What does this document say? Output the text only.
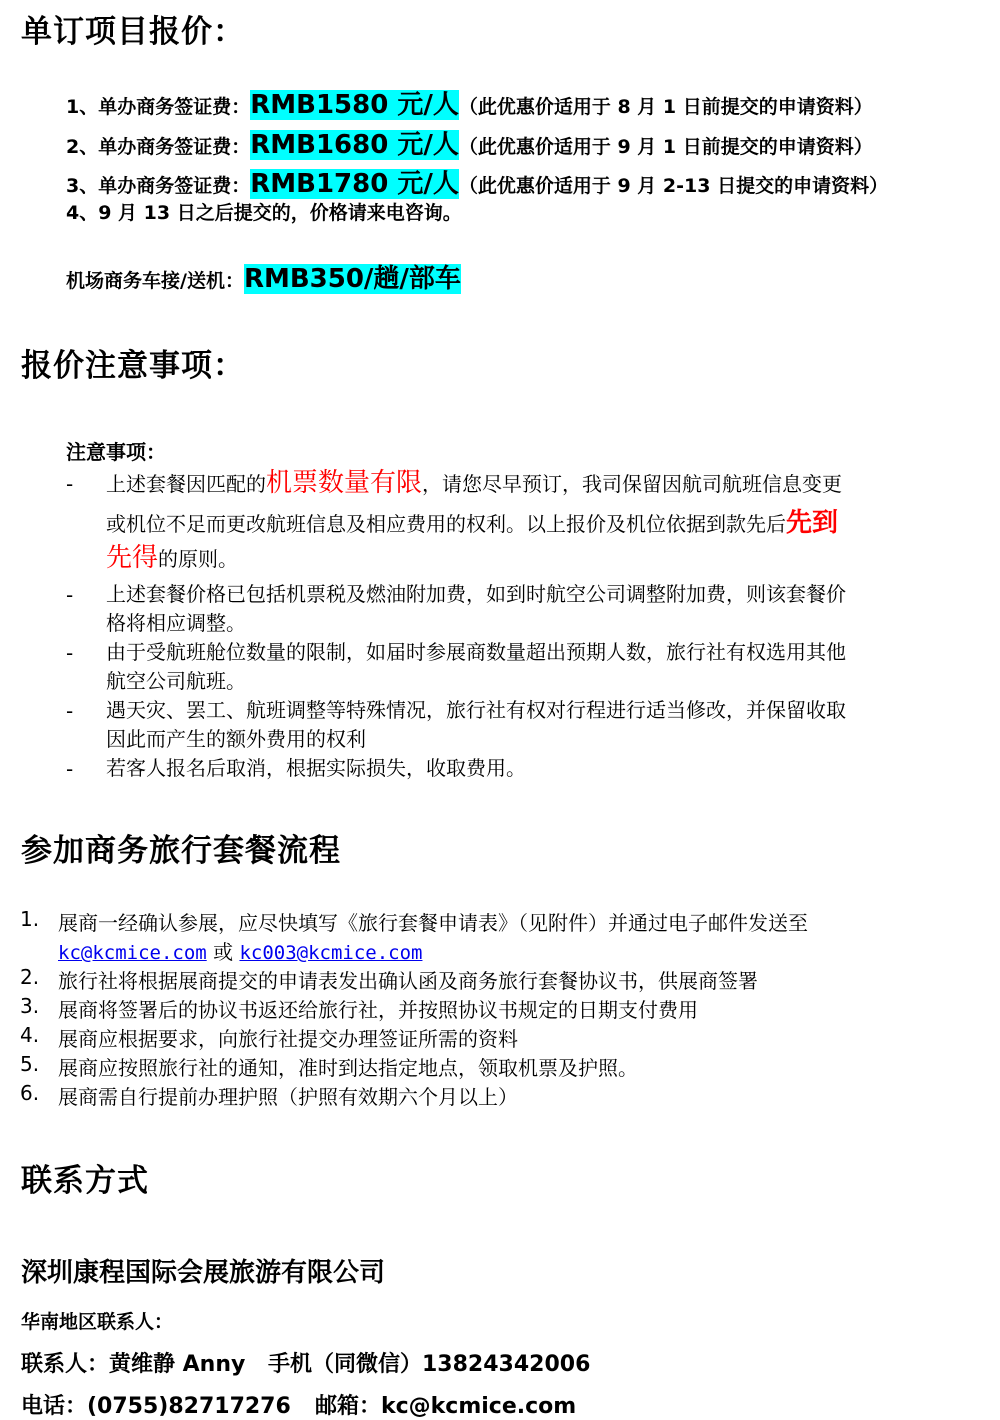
单订项目报价：
1、单办商务签证费：RMB1580 元/人（此优惠价适用于 8 月 1 日前提交的申请资料）
2、单办商务签证费：RMB1680 元/人（此优惠价适用于 9 月 1 日前提交的申请资料）
3、单办商务签证费：RMB1780 元/人（此优惠价适用于 9 月 2-13 日提交的申请资料）
4、9 月 13 日之后提交的，价格请来电咨询。
机场商务车接/送机：RMB350/趟/部车
报价注意事项：
注意事项：
- 上述套餐因匹配的机票数量有限，请您尽早预订，我司保留因航司航班信息变更
或机位不足而更改航班信息及相应费用的权利。以上报价及机位依据到款先后先到
先得的原则。
- 上述套餐价格已包括机票税及燃油附加费，如到时航空公司调整附加费，则该套餐价
格将相应调整。
- 由于受航班舱位数量的限制，如届时参展商数量超出预期人数，旅行社有权选用其他
航空公司航班。
- 遇天灾、罢工、航班调整等特殊情况，旅行社有权对行程进行适当修改，并保留收取
因此而产生的额外费用的权利
- 若客人报名后取消，根据实际损失，收取费用。
参加商务旅行套餐流程
1. 展商一经确认参展，应尽快填写《旅行套餐申请表》（见附件）并通过电子邮件发送至
kc@kcmice.com 或 kc003@kcmice.com
2. 旅行社将根据展商提交的申请表发出确认函及商务旅行套餐协议书，供展商签署
3. 展商将签署后的协议书返还给旅行社，并按照协议书规定的日期支付费用
4. 展商应根据要求，向旅行社提交办理签证所需的资料
5. 展商应按照旅行社的通知，准时到达指定地点，领取机票及护照。
6. 展商需自行提前办理护照（护照有效期六个月以上）
联系方式
深圳康程国际会展旅游有限公司
华南地区联系人：
联系人：黄维静 Anny 手机（同微信）13824342006
电话：(0755)82717276 邮箱：kc@kcmice.com
